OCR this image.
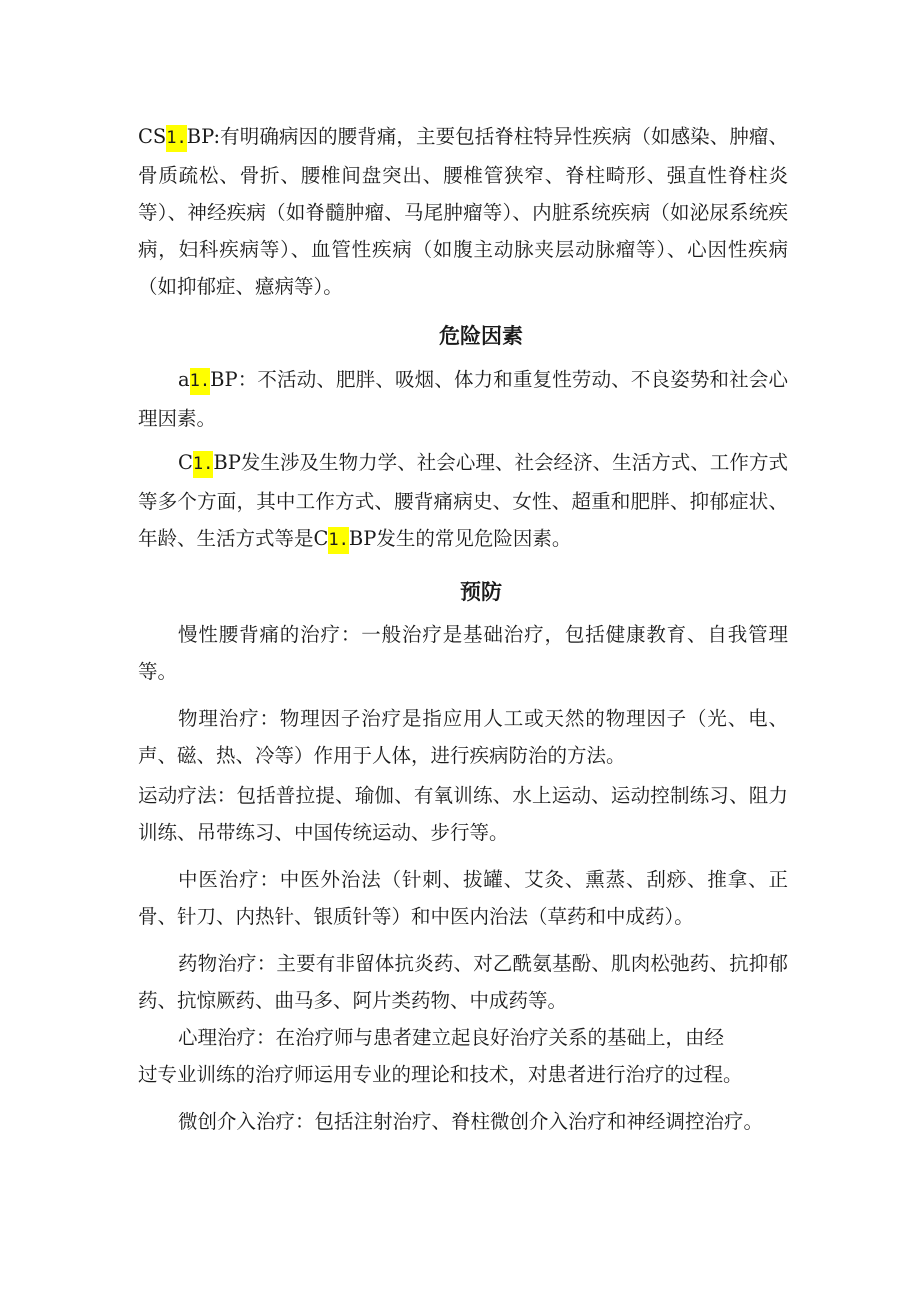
CS1.BP:有明确病因的腰背痛，主要包括脊柱特异性疾病（如感染、肿瘤、骨质疏松、骨折、腰椎间盘突出、腰椎管狭窄、脊柱畸形、强直性脊柱炎等）、神经疾病（如脊髓肿瘤、马尾肿瘤等）、内脏系统疾病（如泌尿系统疾病，妇科疾病等）、血管性疾病（如腹主动脉夹层动脉瘤等）、心因性疾病（如抑郁症、癔病等）。

危险因素

a1.BP：不活动、肥胖、吸烟、体力和重复性劳动、不良姿势和社会心理因素。

C1.BP发生涉及生物力学、社会心理、社会经济、生活方式、工作方式等多个方面，其中工作方式、腰背痛病史、女性、超重和肥胖、抑郁症状、年龄、生活方式等是C1.BP发生的常见危险因素。

预防

慢性腰背痛的治疗：一般治疗是基础治疗，包括健康教育、自我管理等。

物理治疗：物理因子治疗是指应用人工或天然的物理因子（光、电、声、磁、热、冷等）作用于人体，进行疾病防治的方法。

运动疗法：包括普拉提、瑜伽、有氧训练、水上运动、运动控制练习、阻力训练、吊带练习、中国传统运动、步行等。

中医治疗：中医外治法（针刺、拔罐、艾灸、熏蒸、刮痧、推拿、正骨、针刀、内热针、银质针等）和中医内治法（草药和中成药）。

药物治疗：主要有非留体抗炎药、对乙酰氨基酚、肌肉松弛药、抗抑郁药、抗惊厥药、曲马多、阿片类药物、中成药等。

心理治疗：在治疗师与患者建立起良好治疗关系的基础上，由经

过专业训练的治疗师运用专业的理论和技术，对患者进行治疗的过程。

微创介入治疗：包括注射治疗、脊柱微创介入治疗和神经调控治疗。
